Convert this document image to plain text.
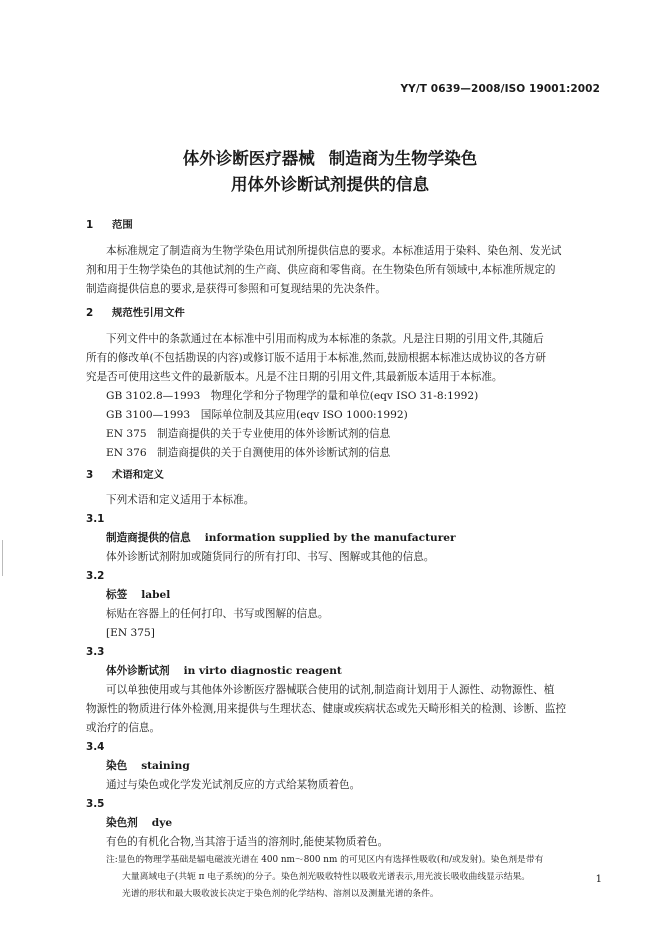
YY/T 0639—2008/ISO 19001:2002
体外诊断医疗器械 制造商为生物学染色
用体外诊断试剂提供的信息
1 范围
本标准规定了制造商为生物学染色用试剂所提供信息的要求。本标准适用于染料、染色剂、发光试
剂和用于生物学染色的其他试剂的生产商、供应商和零售商。在生物染色所有领域中,本标准所规定的
制造商提供信息的要求,是获得可参照和可复现结果的先决条件。
2 规范性引用文件
下列文件中的条款通过在本标准中引用而构成为本标准的条款。凡是注日期的引用文件,其随后
所有的修改单(不包括勘误的内容)或修订版不适用于本标准,然而,鼓励根据本标准达成协议的各方研
究是否可使用这些文件的最新版本。凡是不注日期的引用文件,其最新版本适用于本标准。
GB 3102.8—1993　物理化学和分子物理学的量和单位(eqv ISO 31-8:1992)
GB 3100—1993　国际单位制及其应用(eqv ISO 1000:1992)
EN 375　制造商提供的关于专业使用的体外诊断试剂的信息
EN 376　制造商提供的关于自测使用的体外诊断试剂的信息
3 术语和定义
下列术语和定义适用于本标准。
3.1
制造商提供的信息 information supplied by the manufacturer
体外诊断试剂附加或随货同行的所有打印、书写、图解或其他的信息。
3.2
标签 label
标贴在容器上的任何打印、书写或图解的信息。
[EN 375]
3.3
体外诊断试剂 in virto diagnostic reagent
可以单独使用或与其他体外诊断医疗器械联合使用的试剂,制造商计划用于人源性、动物源性、植
物源性的物质进行体外检测,用来提供与生理状态、健康或疾病状态或先天畸形相关的检测、诊断、监控
或治疗的信息。
3.4
染色 staining
通过与染色或化学发光试剂反应的方式给某物质着色。
3.5
染色剂 dye
有色的有机化合物,当其溶于适当的溶剂时,能使某物质着色。
注:显色的物理学基础是辐电磁波光谱在 400 nm～800 nm 的可见区内有选择性吸收(和/或发射)。染色剂是带有
大量离域电子(共轭 π 电子系统)的分子。染色剂光吸收特性以吸收光谱表示,用光波长吸收曲线显示结果。
光谱的形状和最大吸收波长决定于染色剂的化学结构、溶剂以及测量光谱的条件。
1
